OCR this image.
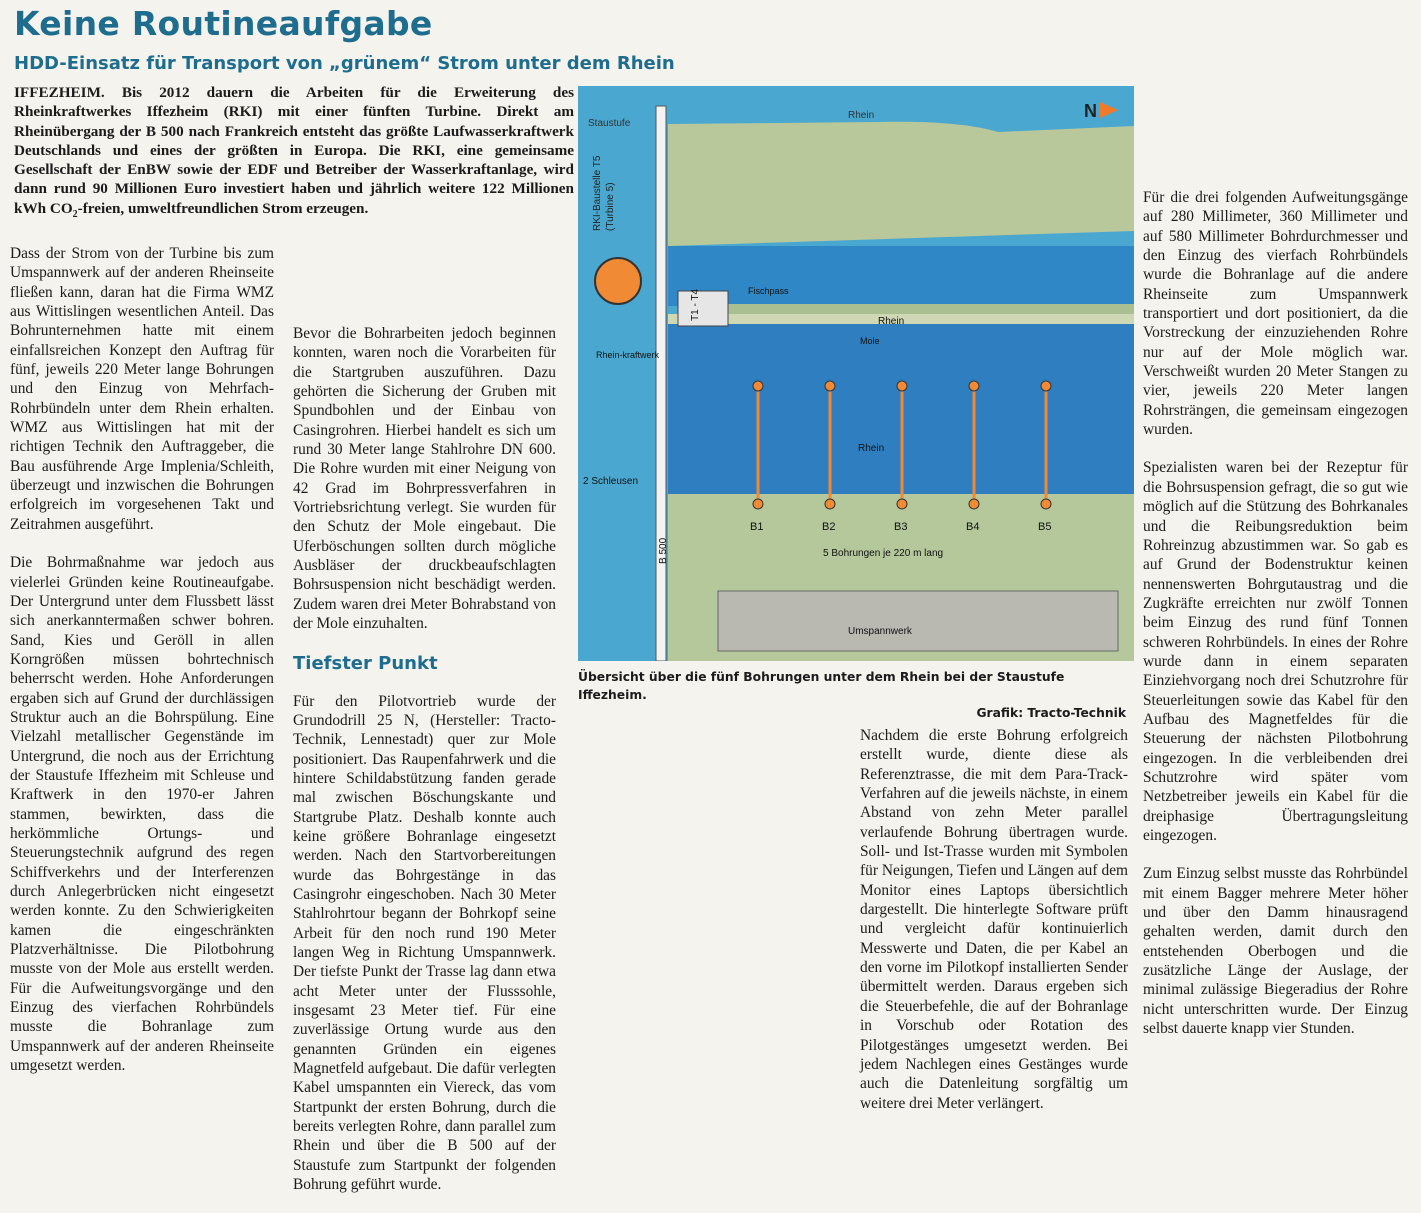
Keine Routineaufgabe
HDD-Einsatz für Transport von „grünem“ Strom unter dem Rhein
IFFEZHEIM. Bis 2012 dauern die Arbeiten für die Erweiterung des Rheinkraftwerkes Iffezheim (RKI) mit einer fünften Turbine. Direkt am Rheinübergang der B 500 nach Frankreich entsteht das größte Laufwasserkraftwerk Deutschlands und eines der größten in Europa. Die RKI, eine gemeinsame Gesellschaft der EnBW sowie der EDF und Betreiber der Wasserkraftanlage, wird dann rund 90 Millionen Euro investiert haben und jährlich weitere 122 Millionen kWh $CO_2$-freien, umweltfreundlichen Strom erzeugen.

Dass der Strom von der Turbine bis zum Umspannwerk auf der anderen Rheinseite fließen kann, daran hat die Firma WMZ aus Wittislingen wesentlichen Anteil. Das Bohrunternehmen hatte mit einem einfallsreichen Konzept den Auftrag für fünf, jeweils 220 Meter lange Bohrungen und den Einzug von Mehrfach-Rohrbündeln unter dem Rhein erhalten. WMZ aus Wittislingen hat mit der richtigen Technik den Auftraggeber, die Bau ausführende Arge Implenia/Schleith, überzeugt und inzwischen die Bohrungen erfolgreich im vorgesehenen Takt und Zeitrahmen ausgeführt.

Die Bohrmaßnahme war jedoch aus vielerlei Gründen keine Routineaufgabe. Der Untergrund unter dem Flussbett lässt sich anerkanntermaßen schwer bohren. Sand, Kies und Geröll in allen Korngrößen müssen bohrtechnisch beherrscht werden. Hohe Anforderungen ergaben sich auf Grund der durchlässigen Struktur auch an die Bohrspülung. Eine Vielzahl metallischer Gegenstände im Untergrund, die noch aus der Errichtung der Staustufe Iffezheim mit Schleuse und Kraftwerk in den 1970-er Jahren stammen, bewirkten, dass die herkömmliche Ortungs- und Steuerungstechnik aufgrund des regen Schiffverkehrs und der Interferenzen durch Anlegerbrücken nicht eingesetzt werden konnte. Zu den Schwierigkeiten kamen die eingeschränkten Platzverhältnisse. Die Pilotbohrung musste von der Mole aus erstellt werden. Für die Aufweitungsvorgänge und den Einzug des vierfachen Rohrbündels musste die Bohranlage zum Umspannwerk auf der anderen Rheinseite umgesetzt werden.

Bevor die Bohrarbeiten jedoch beginnen konnten, waren noch die Vorarbeiten für die Startgruben auszuführen. Dazu gehörten die Sicherung der Gruben mit Spundbohlen und der Einbau von Casingrohren. Hierbei handelt es sich um rund 30 Meter lange Stahlrohre DN 600. Die Rohre wurden mit einer Neigung von 42 Grad im Bohrpressverfahren in Vortriebsrichtung verlegt. Sie wurden für den Schutz der Mole eingebaut. Die Uferböschungen sollten durch mögliche Ausbläser der druckbeaufschlagten Bohrsuspension nicht beschädigt werden. Zudem waren drei Meter Bohrabstand von der Mole einzuhalten.

Tiefster Punkt

Für den Pilotvortrieb wurde der Grundodrill 25 N, (Hersteller: Tracto-Technik, Lennestadt) quer zur Mole positioniert. Das Raupenfahrwerk und die hintere Schildabstützung fanden gerade mal zwischen Böschungskante und Startgrube Platz. Deshalb konnte auch keine größere Bohranlage eingesetzt werden. Nach den Startvorbereitungen wurde das Bohrgestänge in das Casingrohr eingeschoben. Nach 30 Meter Stahlrohrtour begann der Bohrkopf seine Arbeit für den noch rund 190 Meter langen Weg in Richtung Umspannwerk. Der tiefste Punkt der Trasse lag dann etwa acht Meter unter der Flusssohle, insgesamt 23 Meter tief. Für eine zuverlässige Ortung wurde aus den genannten Gründen ein eigenes Magnetfeld aufgebaut. Die dafür verlegten Kabel umspannten ein Viereck, das vom Startpunkt der ersten Bohrung, durch die bereits verlegten Rohre, dann parallel zum Rhein und über die B 500 auf der Staustufe zum Startpunkt der folgenden Bohrung geführt wurde.

Nachdem die erste Bohrung erfolgreich erstellt wurde, diente diese als Referenztrasse, die mit dem Para-Track-Verfahren auf die jeweils nächste, in einem Abstand von zehn Meter parallel verlaufende Bohrung übertragen wurde. Soll- und Ist-Trasse wurden mit Symbolen für Neigungen, Tiefen und Längen auf dem Monitor eines Laptops übersichtlich dargestellt. Die hinterlegte Software prüft und vergleicht dafür kontinuierlich Messwerte und Daten, die per Kabel an den vorne im Pilotkopf installierten Sender übermittelt werden. Daraus ergeben sich die Steuerbefehle, die auf der Bohranlage in Vorschub oder Rotation des Pilotgestänges umgesetzt werden. Bei jedem Nachlegen eines Gestänges wurde auch die Datenleitung sorgfältig um weitere drei Meter verlängert.

Für die drei folgenden Aufweitungsgänge auf 280 Millimeter, 360 Millimeter und auf 580 Millimeter Bohrdurchmesser und den Einzug des vierfach Rohrbündels wurde die Bohranlage auf die andere Rheinseite zum Umspannwerk transportiert und dort positioniert, da die Vorstreckung der einzuziehenden Rohre nur auf der Mole möglich war. Verschweißt wurden 20 Meter Stangen zu vier, jeweils 220 Meter langen Rohrsträngen, die gemeinsam eingezogen wurden.

Spezialisten waren bei der Rezeptur für die Bohrsuspension gefragt, die so gut wie möglich auf die Stützung des Bohrkanales und die Reibungsreduktion beim Rohreinzug abzustimmen war. So gab es auf Grund der Bodenstruktur keinen nennenswerten Bohrgutaustrag und die Zugkräfte erreichten nur zwölf Tonnen beim Einzug des rund fünf Tonnen schweren Rohrbündels. In eines der Rohre wurde dann in einem separaten Einziehvorgang noch drei Schutzrohre für Steuerleitungen sowie das Kabel für den Aufbau des Magnetfeldes für die Steuerung der nächsten Pilotbohrung eingezogen. In die verbleibenden drei Schutzrohre wird später vom Netzbetreiber jeweils ein Kabel für die dreiphasige Übertragungsleitung eingezogen.

Zum Einzug selbst musste das Rohrbündel mit einem Bagger mehrere Meter höher und über den Damm hinausragend gehalten werden, damit durch den entstehenden Oberbogen und die zusätzliche Länge der Auslage, der minimal zulässige Biegeradius der Rohre nicht unterschritten wurde. Der Einzug selbst dauerte knapp vier Stunden.

B1	B2	B3	B4	B5
N
Staustufe
Rhein
Rhein
Rhein
RKI-Baustelle T5 (Turbine 5)
Fischpass
T1 - T4
Rhein-kraftwerk
Mole
2 Schleusen
B 500	5 Bohrungen je 220 m lang
Umspannwerk
Übersicht über die fünf Bohrungen unter dem Rhein bei der Staustufe Iffezheim.
Grafik: Tracto-Technik
